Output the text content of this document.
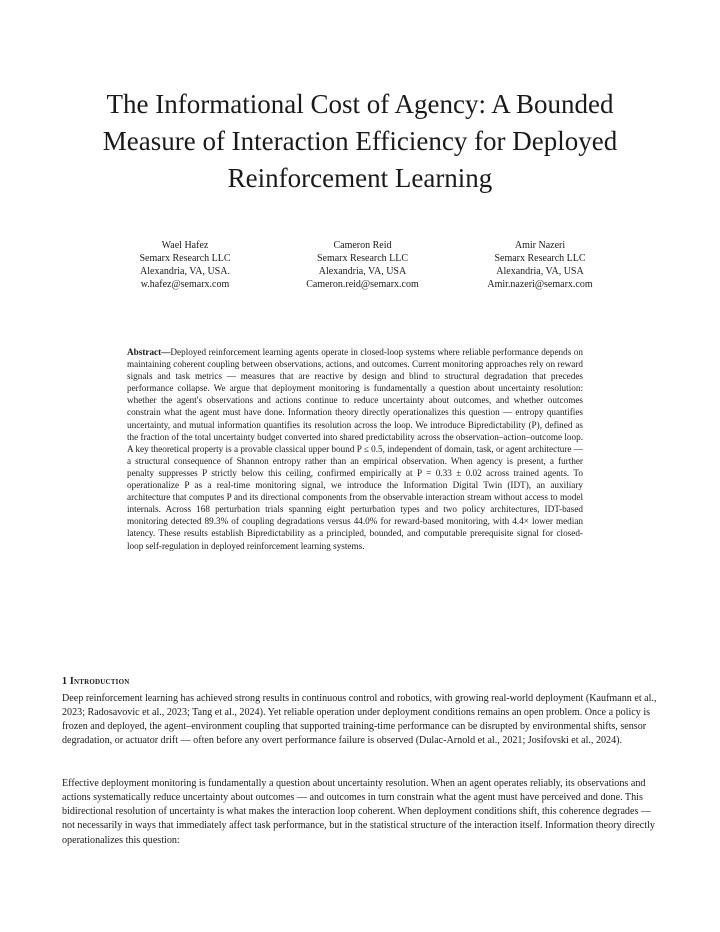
The Informational Cost of Agency: A Bounded Measure of Interaction Efficiency for Deployed Reinforcement Learning
Wael Hafez
Semarx Research LLC
Alexandria, VA, USA.
w.hafez@semarx.com
Cameron Reid
Semarx Research LLC
Alexandria, VA, USA
Cameron.reid@semarx.com
Amir Nazeri
Semarx Research LLC
Alexandria, VA, USA
Amir.nazeri@semarx.com

Abstract—Deployed reinforcement learning agents operate in closed-loop systems where reliable performance depends on maintaining coherent coupling between observations, actions, and outcomes. Current monitoring approaches rely on reward signals and task metrics — measures that are reactive by design and blind to structural degradation that precedes performance collapse. We argue that deployment monitoring is fundamentally a question about uncertainty resolution: whether the agent's observations and actions continue to reduce uncertainty about outcomes, and whether outcomes constrain what the agent must have done. Information theory directly operationalizes this question — entropy quantifies uncertainty, and mutual information quantifies its resolution across the loop. We introduce Bipredictability (P), defined as the fraction of the total uncertainty budget converted into shared predictability across the observation–action–outcome loop. A key theoretical property is a provable classical upper bound P ≤ 0.5, independent of domain, task, or agent architecture — a structural consequence of Shannon entropy rather than an empirical observation. When agency is present, a further penalty suppresses P strictly below this ceiling, confirmed empirically at P = 0.33 ± 0.02 across trained agents. To operationalize P as a real-time monitoring signal, we introduce the Information Digital Twin (IDT), an auxiliary architecture that computes P and its directional components from the observable interaction stream without access to model internals. Across 168 perturbation trials spanning eight perturbation types and two policy architectures, IDT-based monitoring detected 89.3% of coupling degradations versus 44.0% for reward-based monitoring, with 4.4× lower median latency. These results establish Bipredictability as a principled, bounded, and computable prerequisite signal for closed-loop self-regulation in deployed reinforcement learning systems.

1 Introduction

Deep reinforcement learning has achieved strong results in continuous control and robotics, with growing real-world deployment (Kaufmann et al., 2023; Radosavovic et al., 2023; Tang et al., 2024). Yet reliable operation under deployment conditions remains an open problem. Once a policy is frozen and deployed, the agent–environment coupling that supported training-time performance can be disrupted by environmental shifts, sensor degradation, or actuator drift — often before any overt performance failure is observed (Dulac-Arnold et al., 2021; Josifovski et al., 2024).

Effective deployment monitoring is fundamentally a question about uncertainty resolution. When an agent operates reliably, its observations and actions systematically reduce uncertainty about outcomes — and outcomes in turn constrain what the agent must have perceived and done. This bidirectional resolution of uncertainty is what makes the interaction loop coherent. When deployment conditions shift, this coherence degrades — not necessarily in ways that immediately affect task performance, but in the statistical structure of the interaction itself. Information theory directly operationalizes this question:
